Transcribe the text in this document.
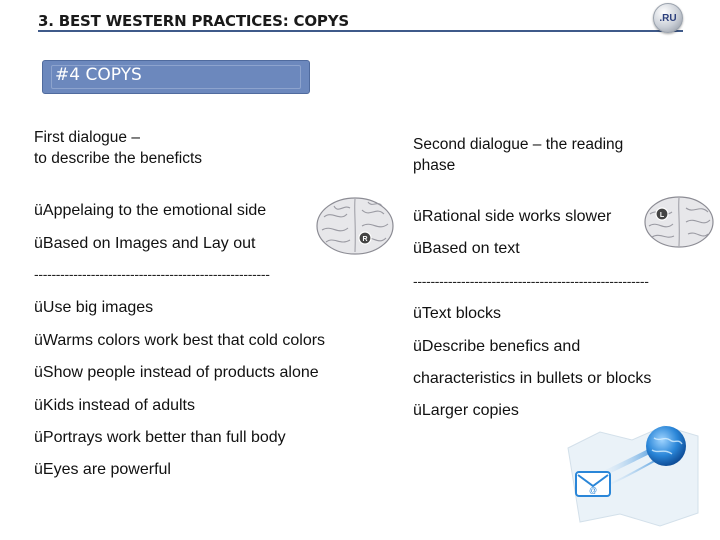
3. BEST WESTERN PRACTICES: COPYS	.RU
#4 COPYS
First dialogue –
to describe the beneficts
Second dialogue – the reading
phase
üAppelaing to the emotional side
üBased on Images and Lay out	R
üRational side works slower
üBased on text
L
------------------------------------------------------	------------------------------------------------------
üUse big images
üWarms colors work best that cold colors
üShow people instead of products alone
üKids instead of adults
üPortrays work better than full body
üEyes are powerful
üText blocks
üDescribe benefics and
characteristics in bullets or blocks
üLarger copies
@
